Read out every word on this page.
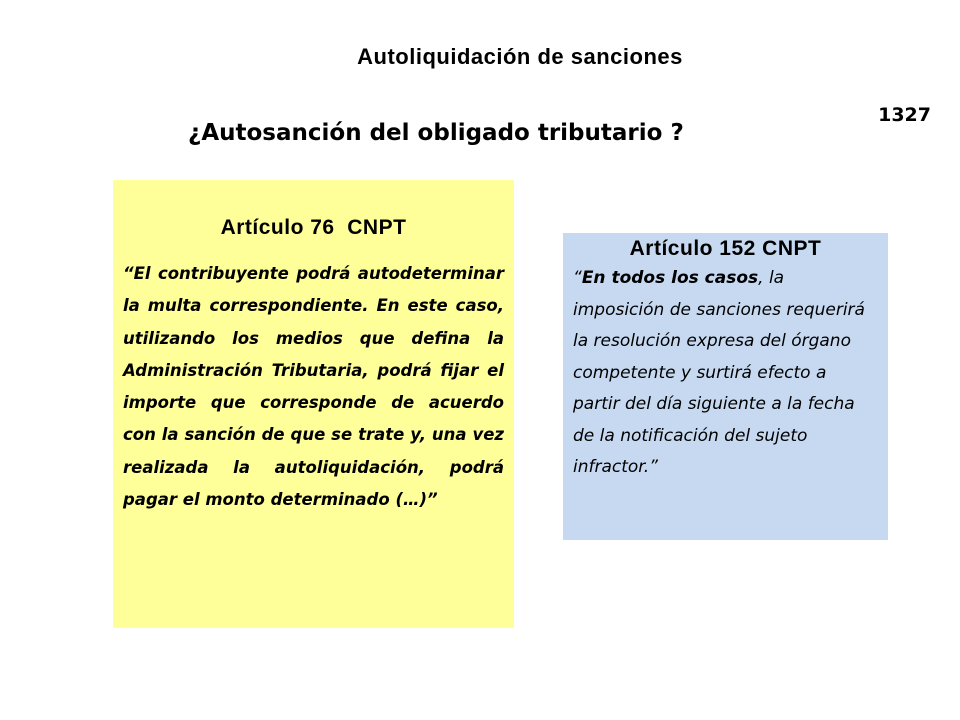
Autoliquidación de sanciones
1327
¿Autosanción del obligado tributario ?
Artículo 76  CNPT
“El contribuyente podrá autodeterminar la multa correspondiente. En este caso, utilizando los medios que defina la Administración Tributaria, podrá fijar el importe que corresponde de acuerdo con la sanción de que se trate y, una vez realizada la autoliquidación, podrá pagar el monto determinado (…)”
Artículo 152 CNPT
“En todos los casos, la imposición de sanciones requerirá la resolución expresa del órgano competente y surtirá efecto a partir del día siguiente a la fecha de la notificación del sujeto infractor.”
